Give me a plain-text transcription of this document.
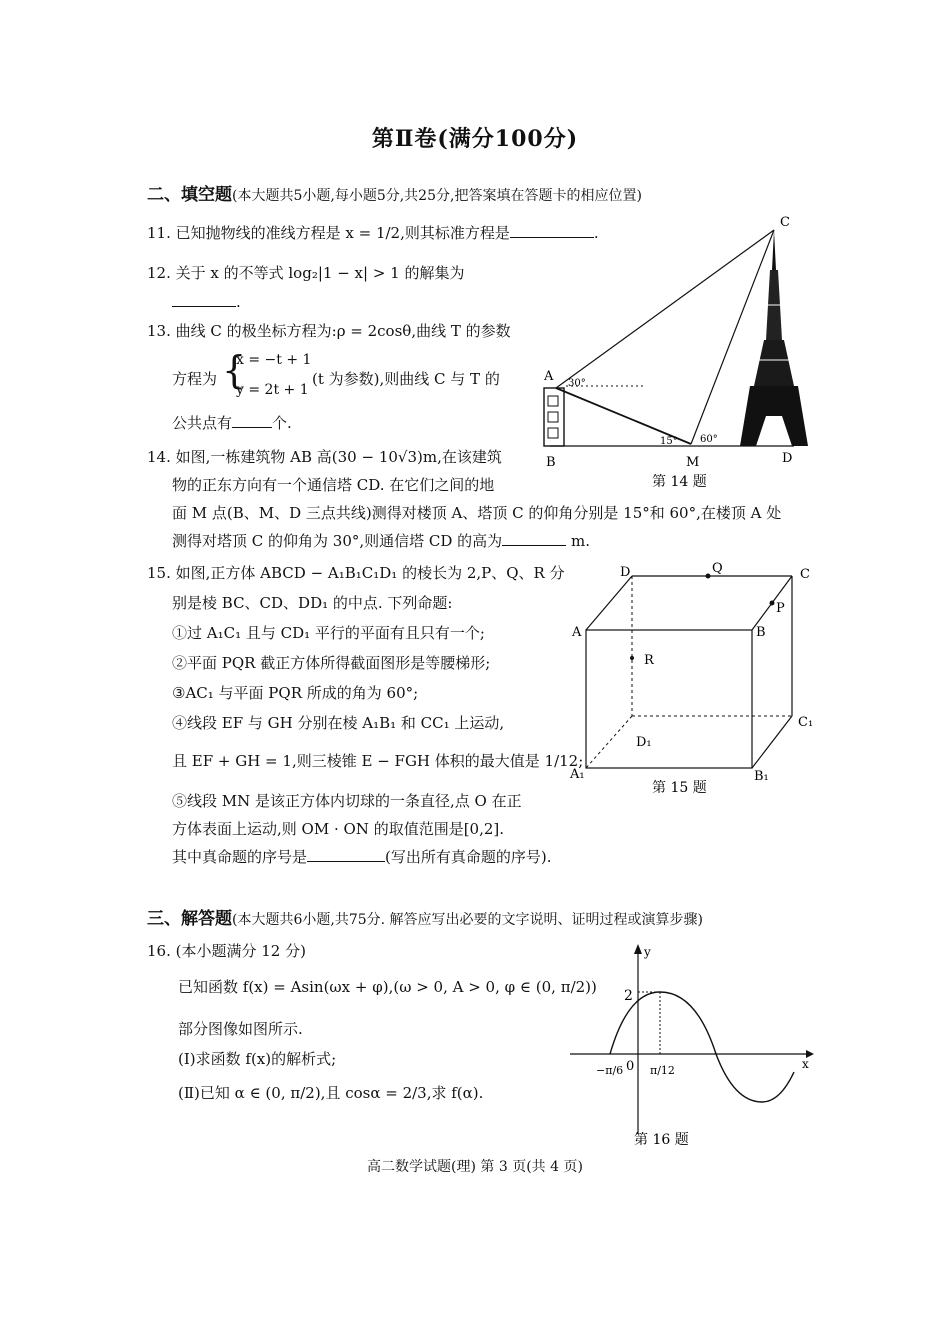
第Ⅱ卷(满分100分)
二、填空题(本大题共5小题,每小题5分,共25分,把答案填在答题卡的相应位置)
11. 已知抛物线的准线方程是 x = 1/2,则其标准方程是	.
12. 关于 x 的不等式 log₂|1 − x| > 1 的解集为
.
13. 曲线 C 的极坐标方程为:ρ = 2cosθ,曲线 T 的参数
方程为 {
x = −t + 1
y = 2t + 1
(t 为参数),则曲线 C 与 T 的
公共点有	个.
14. 如图,一栋建筑物 AB 高(30 − 10√3)m,在该建筑
物的正东方向有一个通信塔 CD. 在它们之间的地
面 M 点(B、M、D 三点共线)测得对楼顶 A、塔顶 C 的仰角分别是 15°和 60°,在楼顶 A 处
测得对塔顶 C 的仰角为 30°,则通信塔 CD 的高为	m.
A
B
C
D
M
30°
15° 60°
第 14 题
15. 如图,正方体 ABCD − A₁B₁C₁D₁ 的棱长为 2,P、Q、R 分
别是棱 BC、CD、DD₁ 的中点. 下列命题:
①过 A₁C₁ 且与 CD₁ 平行的平面有且只有一个;
②平面 PQR 截正方体所得截面图形是等腰梯形;
③AC₁ 与平面 PQR 所成的角为 60°;
④线段 EF 与 GH 分别在棱 A₁B₁ 和 CC₁ 上运动,
且 EF + GH = 1,则三棱锥 E − FGH 体积的最大值是 1/12;
⑤线段 MN 是该正方体内切球的一条直径,点 O 在正
方体表面上运动,则 OM · ON 的取值范围是[0,2].
其中真命题的序号是	(写出所有真命题的序号).
A	B
C
D
A₁	B₁
C₁
D₁
P
Q
R
第 15 题
三、解答题(本大题共6小题,共75分. 解答应写出必要的文字说明、证明过程或演算步骤)
16. (本小题满分 12 分)
已知函数 f(x) = Asin(ωx + φ),(ω > 0, A > 0, φ ∈ (0, π/2))
部分图像如图所示.
(Ⅰ)求函数 f(x)的解析式;
(Ⅱ)已知 α ∈ (0, π/2),且 cosα = 2/3,求 f(α).
y
x
2
0
−π/6 π/12
第 16 题
高二数学试题(理) 第 3 页(共 4 页)
